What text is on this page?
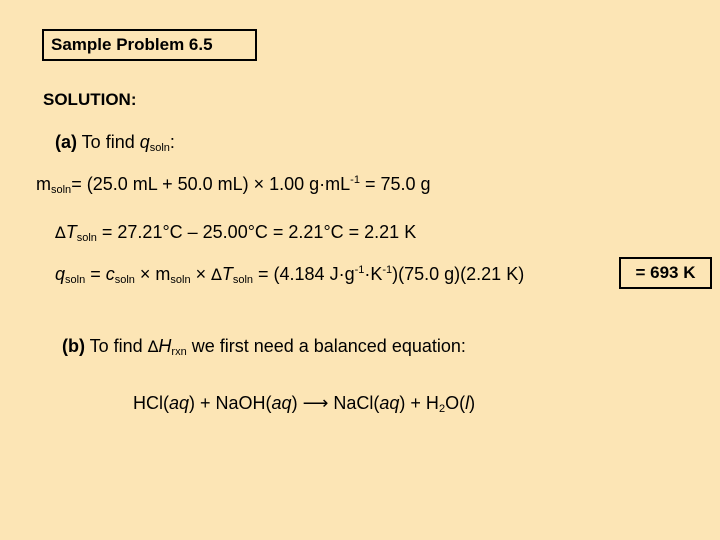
Sample Problem 6.5
SOLUTION:
(a) To find $q_{soln}$:
$m_{soln}= (25.0$ mL + 50.0 mL) × 1.00 $g\cdot mL^{-1} = 75.0$ g
$\Delta T_{soln} = 27.21^\circ C - 25.00^\circ C = 2.21^\circ C = 2.21$ K
$q_{soln} = c_{soln} \times m_{soln} \times \Delta T_{soln} = (4.184$ $J\cdot g^{-1}\cdot K^{-1})(75.0$ g)(2.21 K)	= 693 K
(b) To find $\Delta H_{rxn}$ we first need a balanced equation:
HCl(aq) + NaOH(aq) ⟶ NaCl(aq) + $H_2O(l)$
